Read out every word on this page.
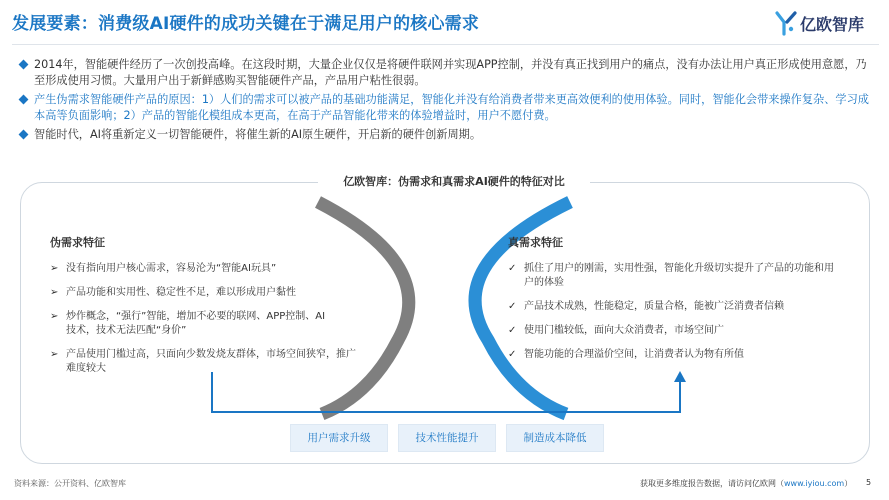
发展要素：消费级AI硬件的成功关键在于满足用户的核心需求	亿欧智库
2014年，智能硬件经历了一次创投高峰。在这段时期，大量企业仅仅是将硬件联网并实现APP控制，并没有真正找到用户的痛点，没有办法让用户真正形成使用意愿，乃至形成使用习惯。大量用户出于新鲜感购买智能硬件产品，产品用户粘性很弱。
产生伪需求智能硬件产品的原因：1）人们的需求可以被产品的基础功能满足，智能化并没有给消费者带来更高效便利的使用体验。同时，智能化会带来操作复杂、学习成本高等负面影响；2）产品的智能化模组成本更高，在高于产品智能化带来的体验增益时，用户不愿付费。
智能时代，AI将重新定义一切智能硬件，将催生新的AI原生硬件，开启新的硬件创新周期。
亿欧智库：伪需求和真需求AI硬件的特征对比
伪需求特征
➢ 没有指向用户核心需求，容易沦为“智能AI玩具”
➢ 产品功能和实用性、稳定性不足，难以形成用户黏性
➢ 炒作概念，“强行”智能，增加不必要的联网、APP控制、AI技术，技术无法匹配“身价”
➢ 产品使用门槛过高，只面向少数发烧友群体，市场空间狭窄，推广难度较大
真需求特征
✓ 抓住了用户的刚需，实用性强，智能化升级切实提升了产品的功能和用户的体验
✓ 产品技术成熟，性能稳定，质量合格，能被广泛消费者信赖
✓ 使用门槛较低，面向大众消费者，市场空间广
✓ 智能功能的合理溢价空间，让消费者认为物有所值
用户需求升级	技术性能提升	制造成本降低
资料来源：公开资料、亿欧智库	获取更多维度报告数据，请访问亿欧网（www.iyiou.com） 5
